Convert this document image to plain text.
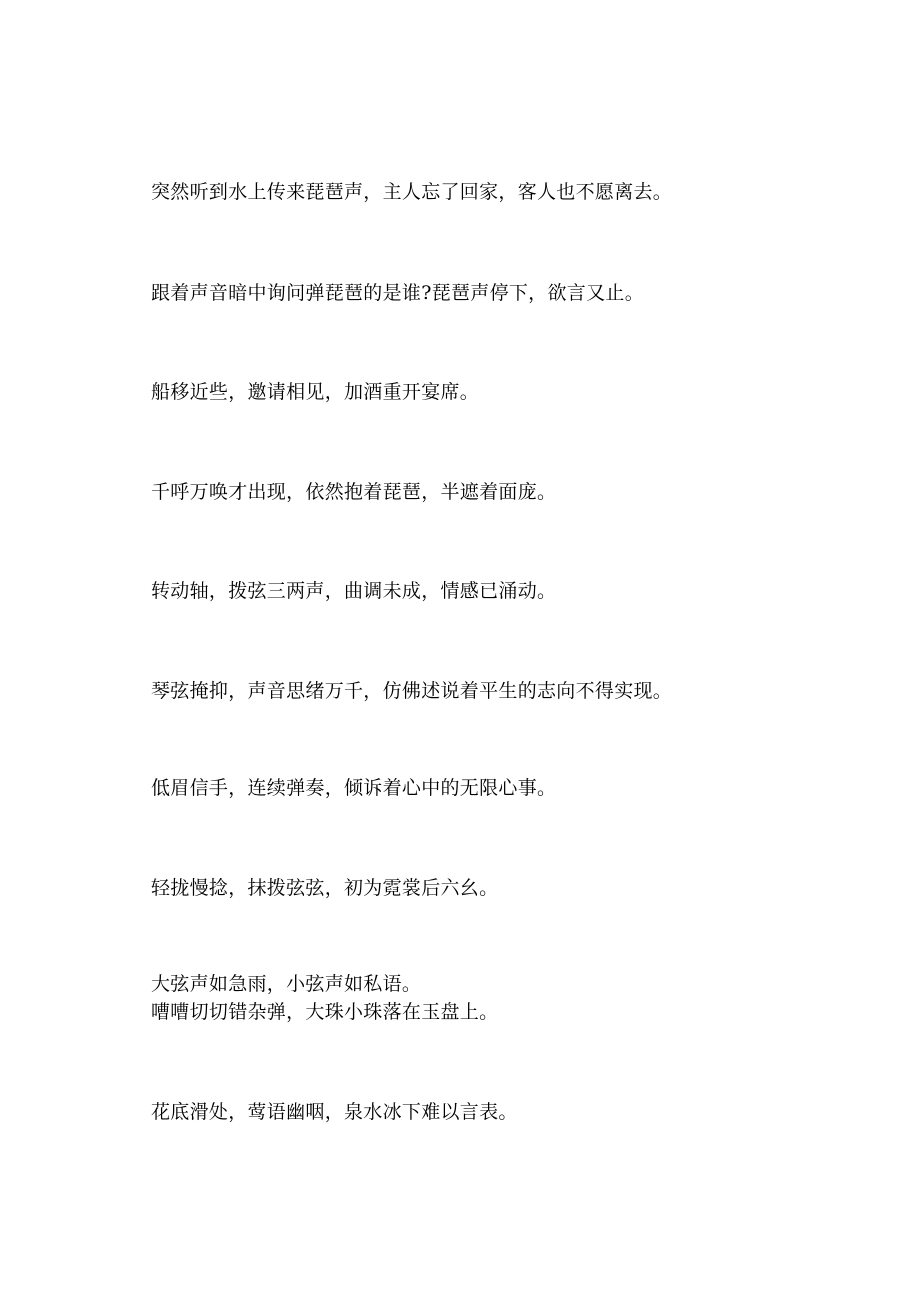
突然听到水上传来琵琶声，主人忘了回家，客人也不愿离去。

跟着声音暗中询问弹琵琶的是谁?琵琶声停下，欲言又止。

船移近些，邀请相见，加酒重开宴席。

千呼万唤才出现，依然抱着琵琶，半遮着面庞。

转动轴，拨弦三两声，曲调未成，情感已涌动。

琴弦掩抑，声音思绪万千，仿佛述说着平生的志向不得实现。

低眉信手，连续弹奏，倾诉着心中的无限心事。

轻拢慢捻，抹拨弦弦，初为霓裳后六幺。

大弦声如急雨，小弦声如私语。
嘈嘈切切错杂弹，大珠小珠落在玉盘上。

花底滑处，莺语幽咽，泉水冰下难以言表。
